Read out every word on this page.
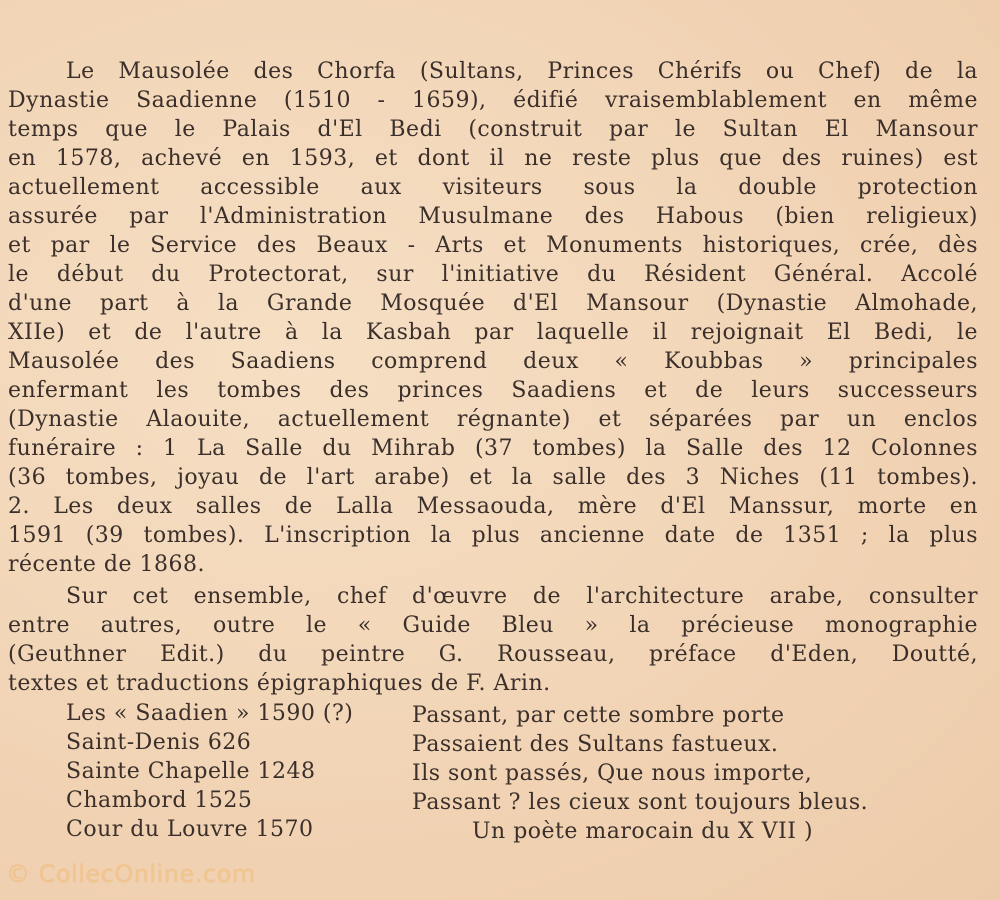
Le Mausolée des Chorfa (Sultans, Princes Chérifs ou Chef) de la
Dynastie Saadienne (1510 - 1659), édifié vraisemblablement en même
temps que le Palais d'El Bedi (construit par le Sultan El Mansour
en 1578, achevé en 1593, et dont il ne reste plus que des ruines) est
actuellement accessible aux visiteurs sous la double protection
assurée par l'Administration Musulmane des Habous (bien religieux)
et par le Service des Beaux - Arts et Monuments historiques, crée, dès
le début du Protectorat, sur l'initiative du Résident Général. Accolé
d'une part à la Grande Mosquée d'El Mansour (Dynastie Almohade,
XIIe) et de l'autre à la Kasbah par laquelle il rejoignait El Bedi, le
Mausolée des Saadiens comprend deux « Koubbas » principales
enfermant les tombes des princes Saadiens et de leurs successeurs
(Dynastie Alaouite, actuellement régnante) et séparées par un enclos
funéraire : 1 La Salle du Mihrab (37 tombes) la Salle des 12 Colonnes
(36 tombes, joyau de l'art arabe) et la salle des 3 Niches (11 tombes).
2. Les deux salles de Lalla Messaouda, mère d'El Manssur, morte en
1591 (39 tombes). L'inscription la plus ancienne date de 1351 ; la plus
récente de 1868.
Sur cet ensemble, chef d'œuvre de l'architecture arabe, consulter
entre autres, outre le « Guide Bleu » la précieuse monographie
(Geuthner Edit.) du peintre G. Rousseau, préface d'Eden, Doutté,
textes et traductions épigraphiques de F. Arin.
Les « Saadien » 1590 (?)
Saint-Denis 626
Sainte Chapelle 1248
Chambord 1525
Cour du Louvre 1570
Passant, par cette sombre porte
Passaient des Sultans fastueux.
Ils sont passés, Que nous importe,
Passant ? les cieux sont toujours bleus.
Un poète marocain du X VII )
© CollecOnline.com
